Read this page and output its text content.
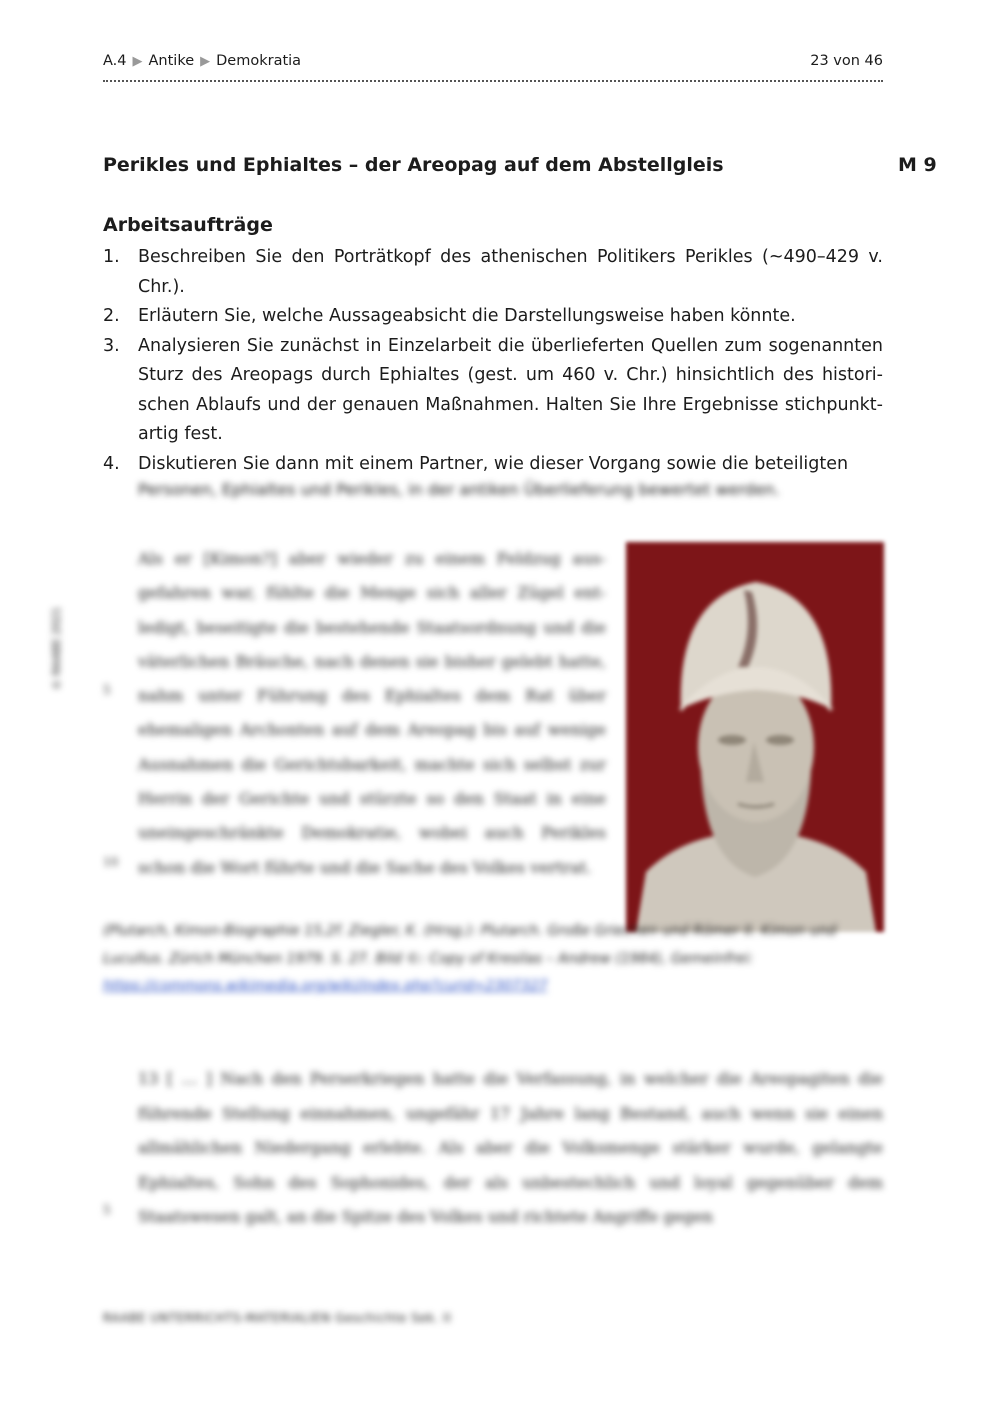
A.4 ▶ Antike ▶ Demokratia	23 von 46
Perikles und Ephialtes – der Areopag auf dem Abstellgleis	M 9
Arbeitsaufträge
1.	Beschreiben Sie den Porträtkopf des athenischen Politikers Perikles (~490–429 v. Chr.).
2.	Erläutern Sie, welche Aussageabsicht die Darstellungsweise haben könnte.
3.	Analysieren Sie zunächst in Einzelarbeit die überlieferten Quellen zum sogenannten Sturz des Areopags durch Ephialtes (gest. um 460 v. Chr.) hinsichtlich des historischen Ablaufs und der genauen Maßnahmen. Halten Sie Ihre Ergebnisse stichpunktartig fest.
4.	Diskutieren Sie dann mit einem Partner, wie dieser Vorgang sowie die beteiligten
Personen, Ephialtes und Perikles, in der antiken Überlieferung bewertet werden.
Als er [Kimon?] aber wieder zu einem Feldzug ausgefahren war, fühlte die Menge sich aller Zügel entledigt, beseitigte die bestehende Staatsordnung und die väterlichen Bräuche, nach denen sie bisher gelebt hatte, nahm unter Führung des Ephialtes dem Rat über ehemaligen Archonten auf dem Areopag bis auf wenige Ausnahmen die Gerichtsbarkeit, machte sich selbst zur Herrin der Gerichte und stürzte so den Staat in eine uneingeschränkte Demokratie, wobei auch Perikles schon die Wort führte und die Sache des Volkes vertrat.
5
10
(Plutarch, Kimon-Biographie 15,2f. Ziegler, K. (Hrsg.): Plutarch. Große Griechen und Römer II. Kimon und Lucullus. Zürich München 1979. S. 27. Bild ©: Copy of Kresilas – Andrew (1984), Gemeinfrei: https://commons.wikimedia.org/wiki/index.php?curid=2307327
13 [ … ] Nach den Perserkriegen hatte die Verfassung, in welcher die Areopagiten die führende Stellung einnahmen, ungefähr 17 Jahre lang Bestand, auch wenn sie einen allmählichen Niedergang erlebte. Als aber die Volksmenge stärker wurde, gelangte Ephialtes, Sohn des Sophonides, der als unbestechlich und loyal gegenüber dem Staatswesen galt, an die Spitze des Volkes und richtete Angriffe gegen
5
RAABE UNTERRICHTS-MATERIALIEN Geschichte Sek. II
© RAABE 2021
